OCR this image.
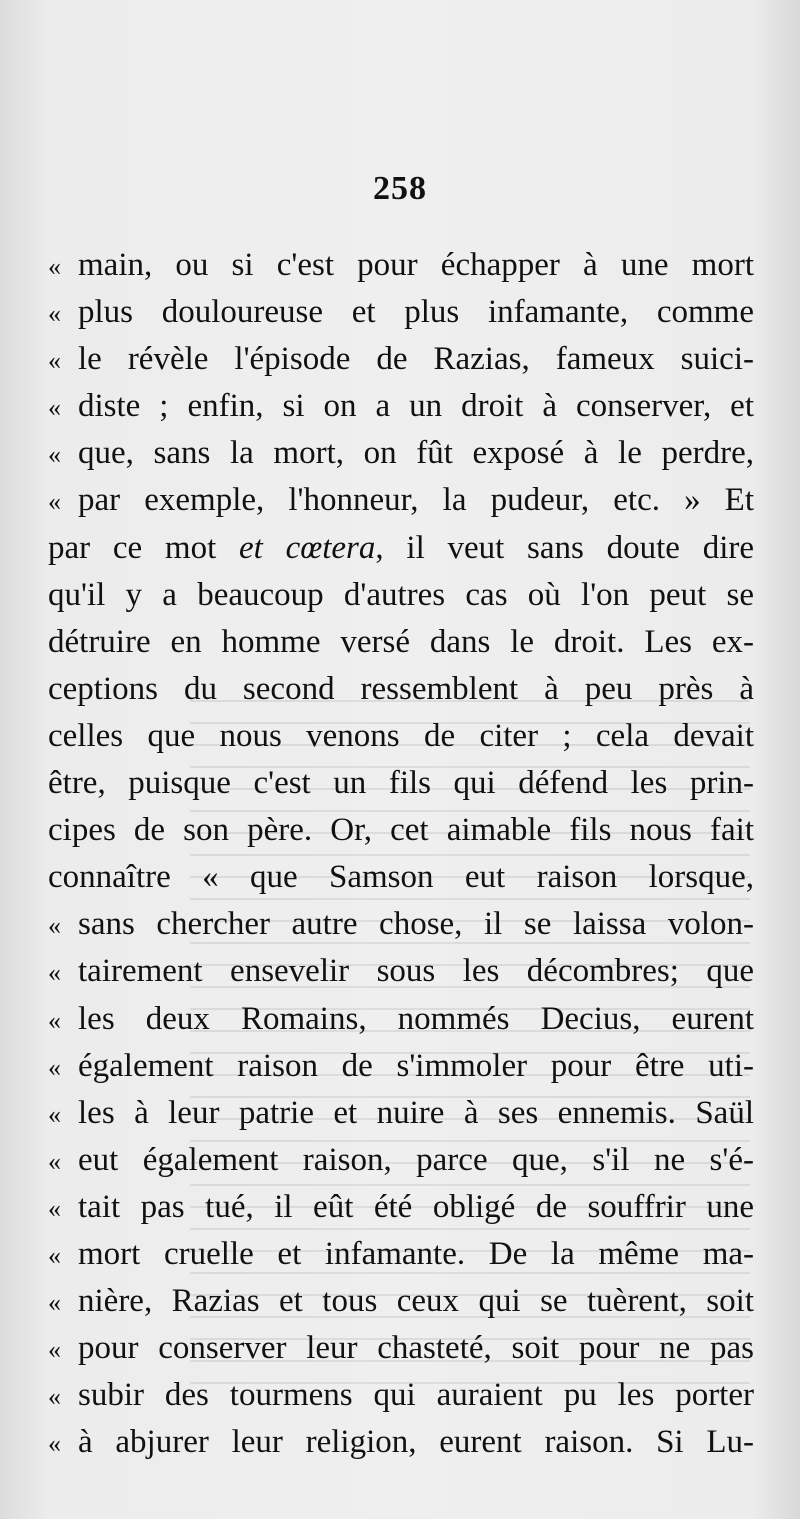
258
« main, ou si c'est pour échapper à une mort
« plus douloureuse et plus infamante, comme
« le révèle l'épisode de Razias, fameux suici-
« diste ; enfin, si on a un droit à conserver, et
« que, sans la mort, on fût exposé à le perdre,
« par exemple, l'honneur, la pudeur, etc. » Et
par ce mot et cœtera, il veut sans doute dire
qu'il y a beaucoup d'autres cas où l'on peut se
détruire en homme versé dans le droit. Les ex-
ceptions du second ressemblent à peu près à
celles que nous venons de citer ; cela devait
être, puisque c'est un fils qui défend les prin-
cipes de son père. Or, cet aimable fils nous fait
connaître « que Samson eut raison lorsque,
« sans chercher autre chose, il se laissa volon-
« tairement ensevelir sous les décombres; que
« les deux Romains, nommés Decius, eurent
« également raison de s'immoler pour être uti-
« les à leur patrie et nuire à ses ennemis. Saül
« eut également raison, parce que, s'il ne s'é-
« tait pas tué, il eût été obligé de souffrir une
« mort cruelle et infamante. De la même ma-
« nière, Razias et tous ceux qui se tuèrent, soit
« pour conserver leur chasteté, soit pour ne pas
« subir des tourmens qui auraient pu les porter
« à abjurer leur religion, eurent raison. Si Lu-
